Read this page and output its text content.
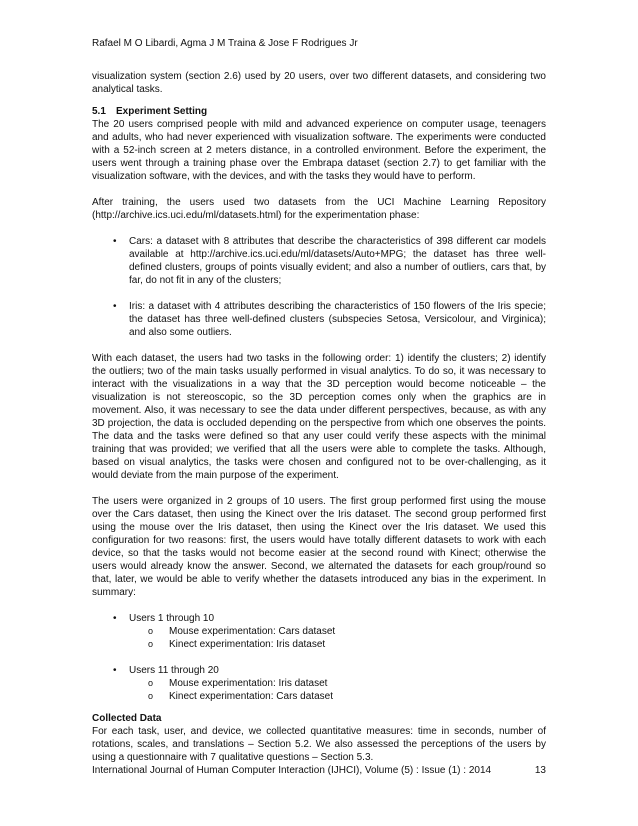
Rafael M O Libardi, Agma J M Traina & Jose F Rodrigues Jr

visualization system (section 2.6) used by 20 users, over two different datasets, and considering two analytical tasks.

5.1 Experiment Setting

The 20 users comprised people with mild and advanced experience on computer usage, teenagers and adults, who had never experienced with visualization software. The experiments were conducted with a 52-inch screen at 2 meters distance, in a controlled environment. Before the experiment, the users went through a training phase over the Embrapa dataset (section 2.7) to get familiar with the visualization software, with the devices, and with the tasks they would have to perform.

After training, the users used two datasets from the UCI Machine Learning Repository (http://archive.ics.uci.edu/ml/datasets.html) for the experimentation phase:

• Cars: a dataset with 8 attributes that describe the characteristics of 398 different car models available at http://archive.ics.uci.edu/ml/datasets/Auto+MPG; the dataset has three well-defined clusters, groups of points visually evident; and also a number of outliers, cars that, by far, do not fit in any of the clusters;
• Iris: a dataset with 4 attributes describing the characteristics of 150 flowers of the Iris specie; the dataset has three well-defined clusters (subspecies Setosa, Versicolour, and Virginica); and also some outliers.

With each dataset, the users had two tasks in the following order: 1) identify the clusters; 2) identify the outliers; two of the main tasks usually performed in visual analytics. To do so, it was necessary to interact with the visualizations in a way that the 3D perception would become noticeable – the visualization is not stereoscopic, so the 3D perception comes only when the graphics are in movement. Also, it was necessary to see the data under different perspectives, because, as with any 3D projection, the data is occluded depending on the perspective from which one observes the points. The data and the tasks were defined so that any user could verify these aspects with the minimal training that was provided; we verified that all the users were able to complete the tasks. Although, based on visual analytics, the tasks were chosen and configured not to be over-challenging, as it would deviate from the main purpose of the experiment.

The users were organized in 2 groups of 10 users. The first group performed first using the mouse over the Cars dataset, then using the Kinect over the Iris dataset. The second group performed first using the mouse over the Iris dataset, then using the Kinect over the Iris dataset. We used this configuration for two reasons: first, the users would have totally different datasets to work with each device, so that the tasks would not become easier at the second round with Kinect; otherwise the users would already know the answer. Second, we alternated the datasets for each group/round so that, later, we would be able to verify whether the datasets introduced any bias in the experiment. In summary:

• Users 1 through 10
o Mouse experimentation: Cars dataset
o Kinect experimentation: Iris dataset
• Users 11 through 20
o Mouse experimentation: Iris dataset
o Kinect experimentation: Cars dataset
Collected Data

For each task, user, and device, we collected quantitative measures: time in seconds, number of rotations, scales, and translations – Section 5.2. We also assessed the perceptions of the users by using a questionnaire with 7 qualitative questions – Section 5.3.

International Journal of Human Computer Interaction (IJHCI), Volume (5) : Issue (1) : 2014	13
